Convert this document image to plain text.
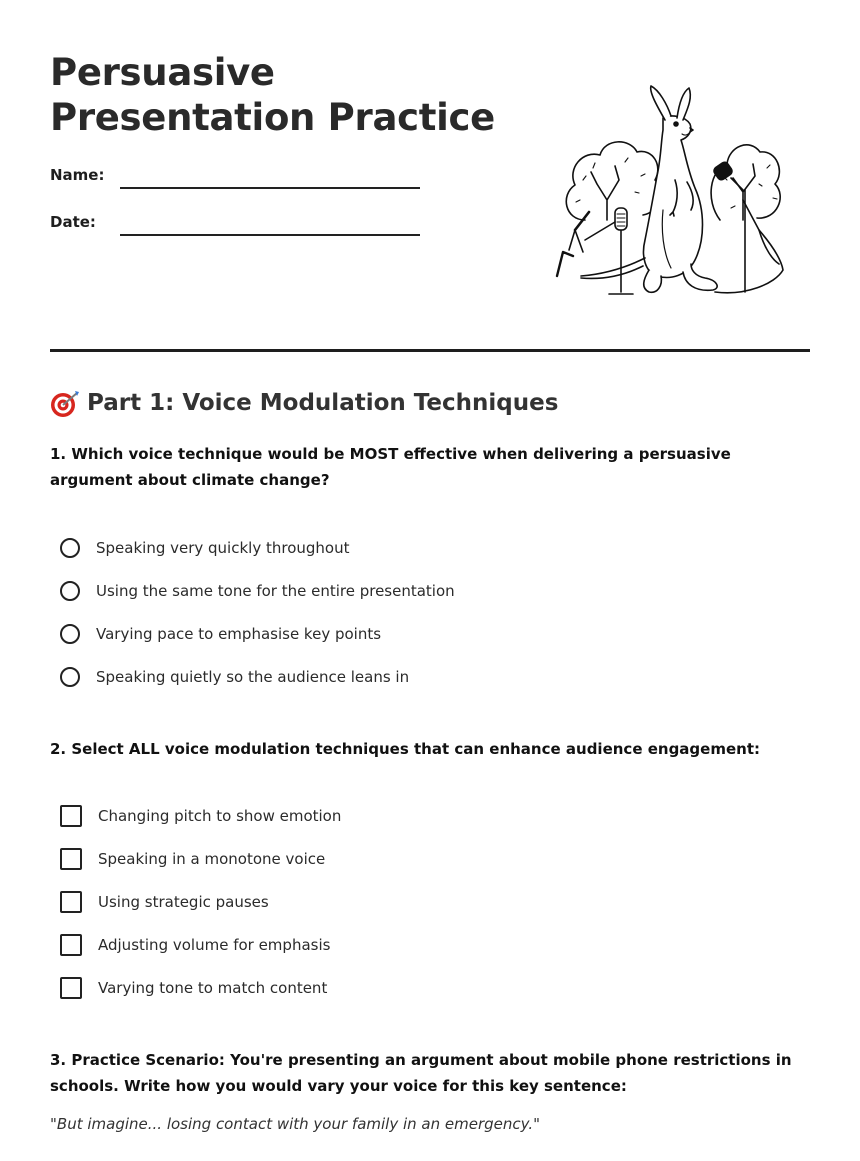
Persuasive Presentation Practice
Name:
Date:
Part 1: Voice Modulation Techniques
1. Which voice technique would be MOST effective when delivering a persuasive argument about climate change?
Speaking very quickly throughout
Using the same tone for the entire presentation
Varying pace to emphasise key points
Speaking quietly so the audience leans in
2. Select ALL voice modulation techniques that can enhance audience engagement:
Changing pitch to show emotion
Speaking in a monotone voice
Using strategic pauses
Adjusting volume for emphasis
Varying tone to match content
3. Practice Scenario: You're presenting an argument about mobile phone restrictions in schools. Write how you would vary your voice for this key sentence:
"But imagine... losing contact with your family in an emergency."
